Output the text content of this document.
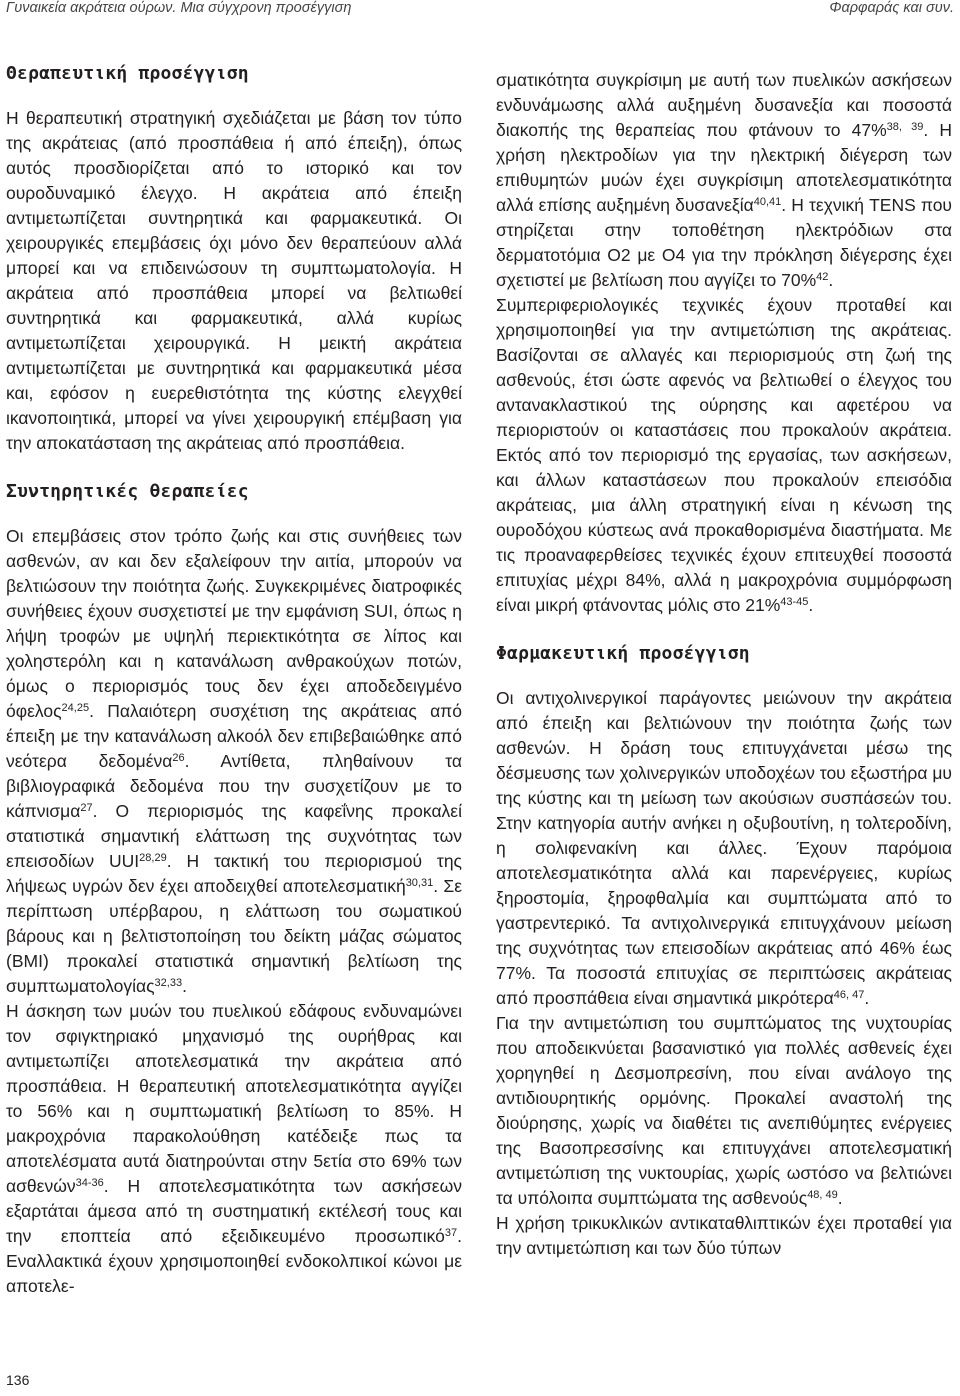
Γυναικεία ακράτεια ούρων. Μια σύγχρονη προσέγγιση	Φαρφαράς και συν.
Θεραπευτική προσέγγιση

Η θεραπευτική στρατηγική σχεδιάζεται με βάση τον τύπο της ακράτειας (από προσπάθεια ή από έπειξη), όπως αυτός προσδιορίζεται από το ιστορικό και τον ουροδυναμικό έλεγχο. Η ακράτεια από έπειξη αντιμετωπίζεται συντηρητικά και φαρμακευτικά. Οι χειρουργικές επεμβάσεις όχι μόνο δεν θεραπεύουν αλλά μπορεί και να επιδεινώσουν τη συμπτωματολογία. Η ακράτεια από προσπάθεια μπορεί να βελτιωθεί συντηρητικά και φαρμακευτικά, αλλά κυρίως αντιμετωπίζεται χειρουργικά. Η μεικτή ακράτεια αντιμετωπίζεται με συντηρητικά και φαρμακευτικά μέσα και, εφόσον η ευερεθιστότητα της κύστης ελεγχθεί ικανοποιητικά, μπορεί να γίνει χειρουργική επέμβαση για την αποκατάσταση της ακράτειας από προσπάθεια.

Συντηρητικές θεραπείες

Οι επεμβάσεις στον τρόπο ζωής και στις συνήθειες των ασθενών, αν και δεν εξαλείφουν την αιτία, μπορούν να βελτιώσουν την ποιότητα ζωής. Συγκεκριμένες διατροφικές συνήθειες έχουν συσχετιστεί με την εμφάνιση SUI, όπως η λήψη τροφών με υψηλή περιεκτικότητα σε λίπος και χοληστερόλη και η κατανάλωση ανθρακούχων ποτών, όμως ο περιορισμός τους δεν έχει αποδεδειγμένο όφελος$^{24,25}$. Παλαιότερη συσχέτιση της ακράτειας από έπειξη με την κατανάλωση αλκοόλ δεν επιβεβαιώθηκε από νεότερα δεδομένα$^{26}$. Αντίθετα, πληθαίνουν τα βιβλιογραφικά δεδομένα που την συσχετίζουν με το κάπνισμα$^{27}$. Ο περιορισμός της καφεΐνης προκαλεί στατιστικά σημαντική ελάττωση της συχνότητας των επεισοδίων UUI$^{28,29}$. Η τακτική του περιορισμού της λήψεως υγρών δεν έχει αποδειχθεί αποτελεσματική$^{30,31}$. Σε περίπτωση υπέρβαρου, η ελάττωση του σωματικού βάρους και η βελτιστοποίηση του δείκτη μάζας σώματος (BMI) προκαλεί στατιστικά σημαντική βελτίωση της συμπτωματολογίας$^{32,33}$.

Η άσκηση των μυών του πυελικού εδάφους ενδυναμώνει τον σφιγκτηριακό μηχανισμό της ουρήθρας και αντιμετωπίζει αποτελεσματικά την ακράτεια από προσπάθεια. Η θεραπευτική αποτελεσματικότητα αγγίζει το 56% και η συμπτωματική βελτίωση το 85%. Η μακροχρόνια παρακολούθηση κατέδειξε πως τα αποτελέσματα αυτά διατηρούνται στην 5ετία στο 69% των ασθενών$^{34-36}$. Η αποτελεσματικότητα των ασκήσεων εξαρτάται άμεσα από τη συστηματική εκτέλεσή τους και την εποπτεία από εξειδικευμένο προσωπικό$^{37}$. Εναλλακτικά έχουν χρησιμοποιηθεί ενδοκολπικοί κώνοι με αποτελε-

σματικότητα συγκρίσιμη με αυτή των πυελικών ασκήσεων ενδυνάμωσης αλλά αυξημένη δυσανεξία και ποσοστά διακοπής της θεραπείας που φτάνουν το 47%$^{38, 39}$. Η χρήση ηλεκτροδίων για την ηλεκτρική διέγερση των επιθυμητών μυών έχει συγκρίσιμη αποτελεσματικότητα αλλά επίσης αυξημένη δυσανεξία$^{40,41}$. Η τεχνική TENS που στηρίζεται στην τοποθέτηση ηλεκτρόδιων στα δερματοτόμια Ο2 με Ο4 για την πρόκληση διέγερσης έχει σχετιστεί με βελτίωση που αγγίζει το 70%$^{42}$.

Συμπεριφεριολογικές τεχνικές έχουν προταθεί και χρησιμοποιηθεί για την αντιμετώπιση της ακράτειας. Βασίζονται σε αλλαγές και περιορισμούς στη ζωή της ασθενούς, έτσι ώστε αφενός να βελτιωθεί ο έλεγχος του αντανακλαστικού της ούρησης και αφετέρου να περιοριστούν οι καταστάσεις που προκαλούν ακράτεια. Εκτός από τον περιορισμό της εργασίας, των ασκήσεων, και άλλων καταστάσεων που προκαλούν επεισόδια ακράτειας, μια άλλη στρατηγική είναι η κένωση της ουροδόχου κύστεως ανά προκαθορισμένα διαστήματα. Με τις προαναφερθείσες τεχνικές έχουν επιτευχθεί ποσοστά επιτυχίας μέχρι 84%, αλλά η μακροχρόνια συμμόρφωση είναι μικρή φτάνοντας μόλις στο 21%$^{43-45}$.

Φαρμακευτική προσέγγιση

Οι αντιχολινεργικοί παράγοντες μειώνουν την ακράτεια από έπειξη και βελτιώνουν την ποιότητα ζωής των ασθενών. Η δράση τους επιτυγχάνεται μέσω της δέσμευσης των χολινεργικών υποδοχέων του εξωστήρα μυ της κύστης και τη μείωση των ακούσιων συσπάσεών του. Στην κατηγορία αυτήν ανήκει η οξυβουτίνη, η τολτεροδίνη, η σολιφενακίνη και άλλες. Έχουν παρόμοια αποτελεσματικότητα αλλά και παρενέργειες, κυρίως ξηροστομία, ξηροφθαλμία και συμπτώματα από το γαστρεντερικό. Τα αντιχολινεργικά επιτυγχάνουν μείωση της συχνότητας των επεισοδίων ακράτειας από 46% έως 77%. Τα ποσοστά επιτυχίας σε περιπτώσεις ακράτειας από προσπάθεια είναι σημαντικά μικρότερα$^{46, 47}$.

Για την αντιμετώπιση του συμπτώματος της νυχτουρίας που αποδεικνύεται βασανιστικό για πολλές ασθενείς έχει χορηγηθεί η Δεσμοπρεσίνη, που είναι ανάλογο της αντιδιουρητικής ορμόνης. Προκαλεί αναστολή της διούρησης, χωρίς να διαθέτει τις ανεπιθύμητες ενέργειες της Βασοπρεσσίνης και επιτυγχάνει αποτελεσματική αντιμετώπιση της νυκτουρίας, χωρίς ωστόσο να βελτιώνει τα υπόλοιπα συμπτώματα της ασθενούς$^{48, 49}$.

Η χρήση τρικυκλικών αντικαταθλιπτικών έχει προταθεί για την αντιμετώπιση και των δύο τύπων

136
